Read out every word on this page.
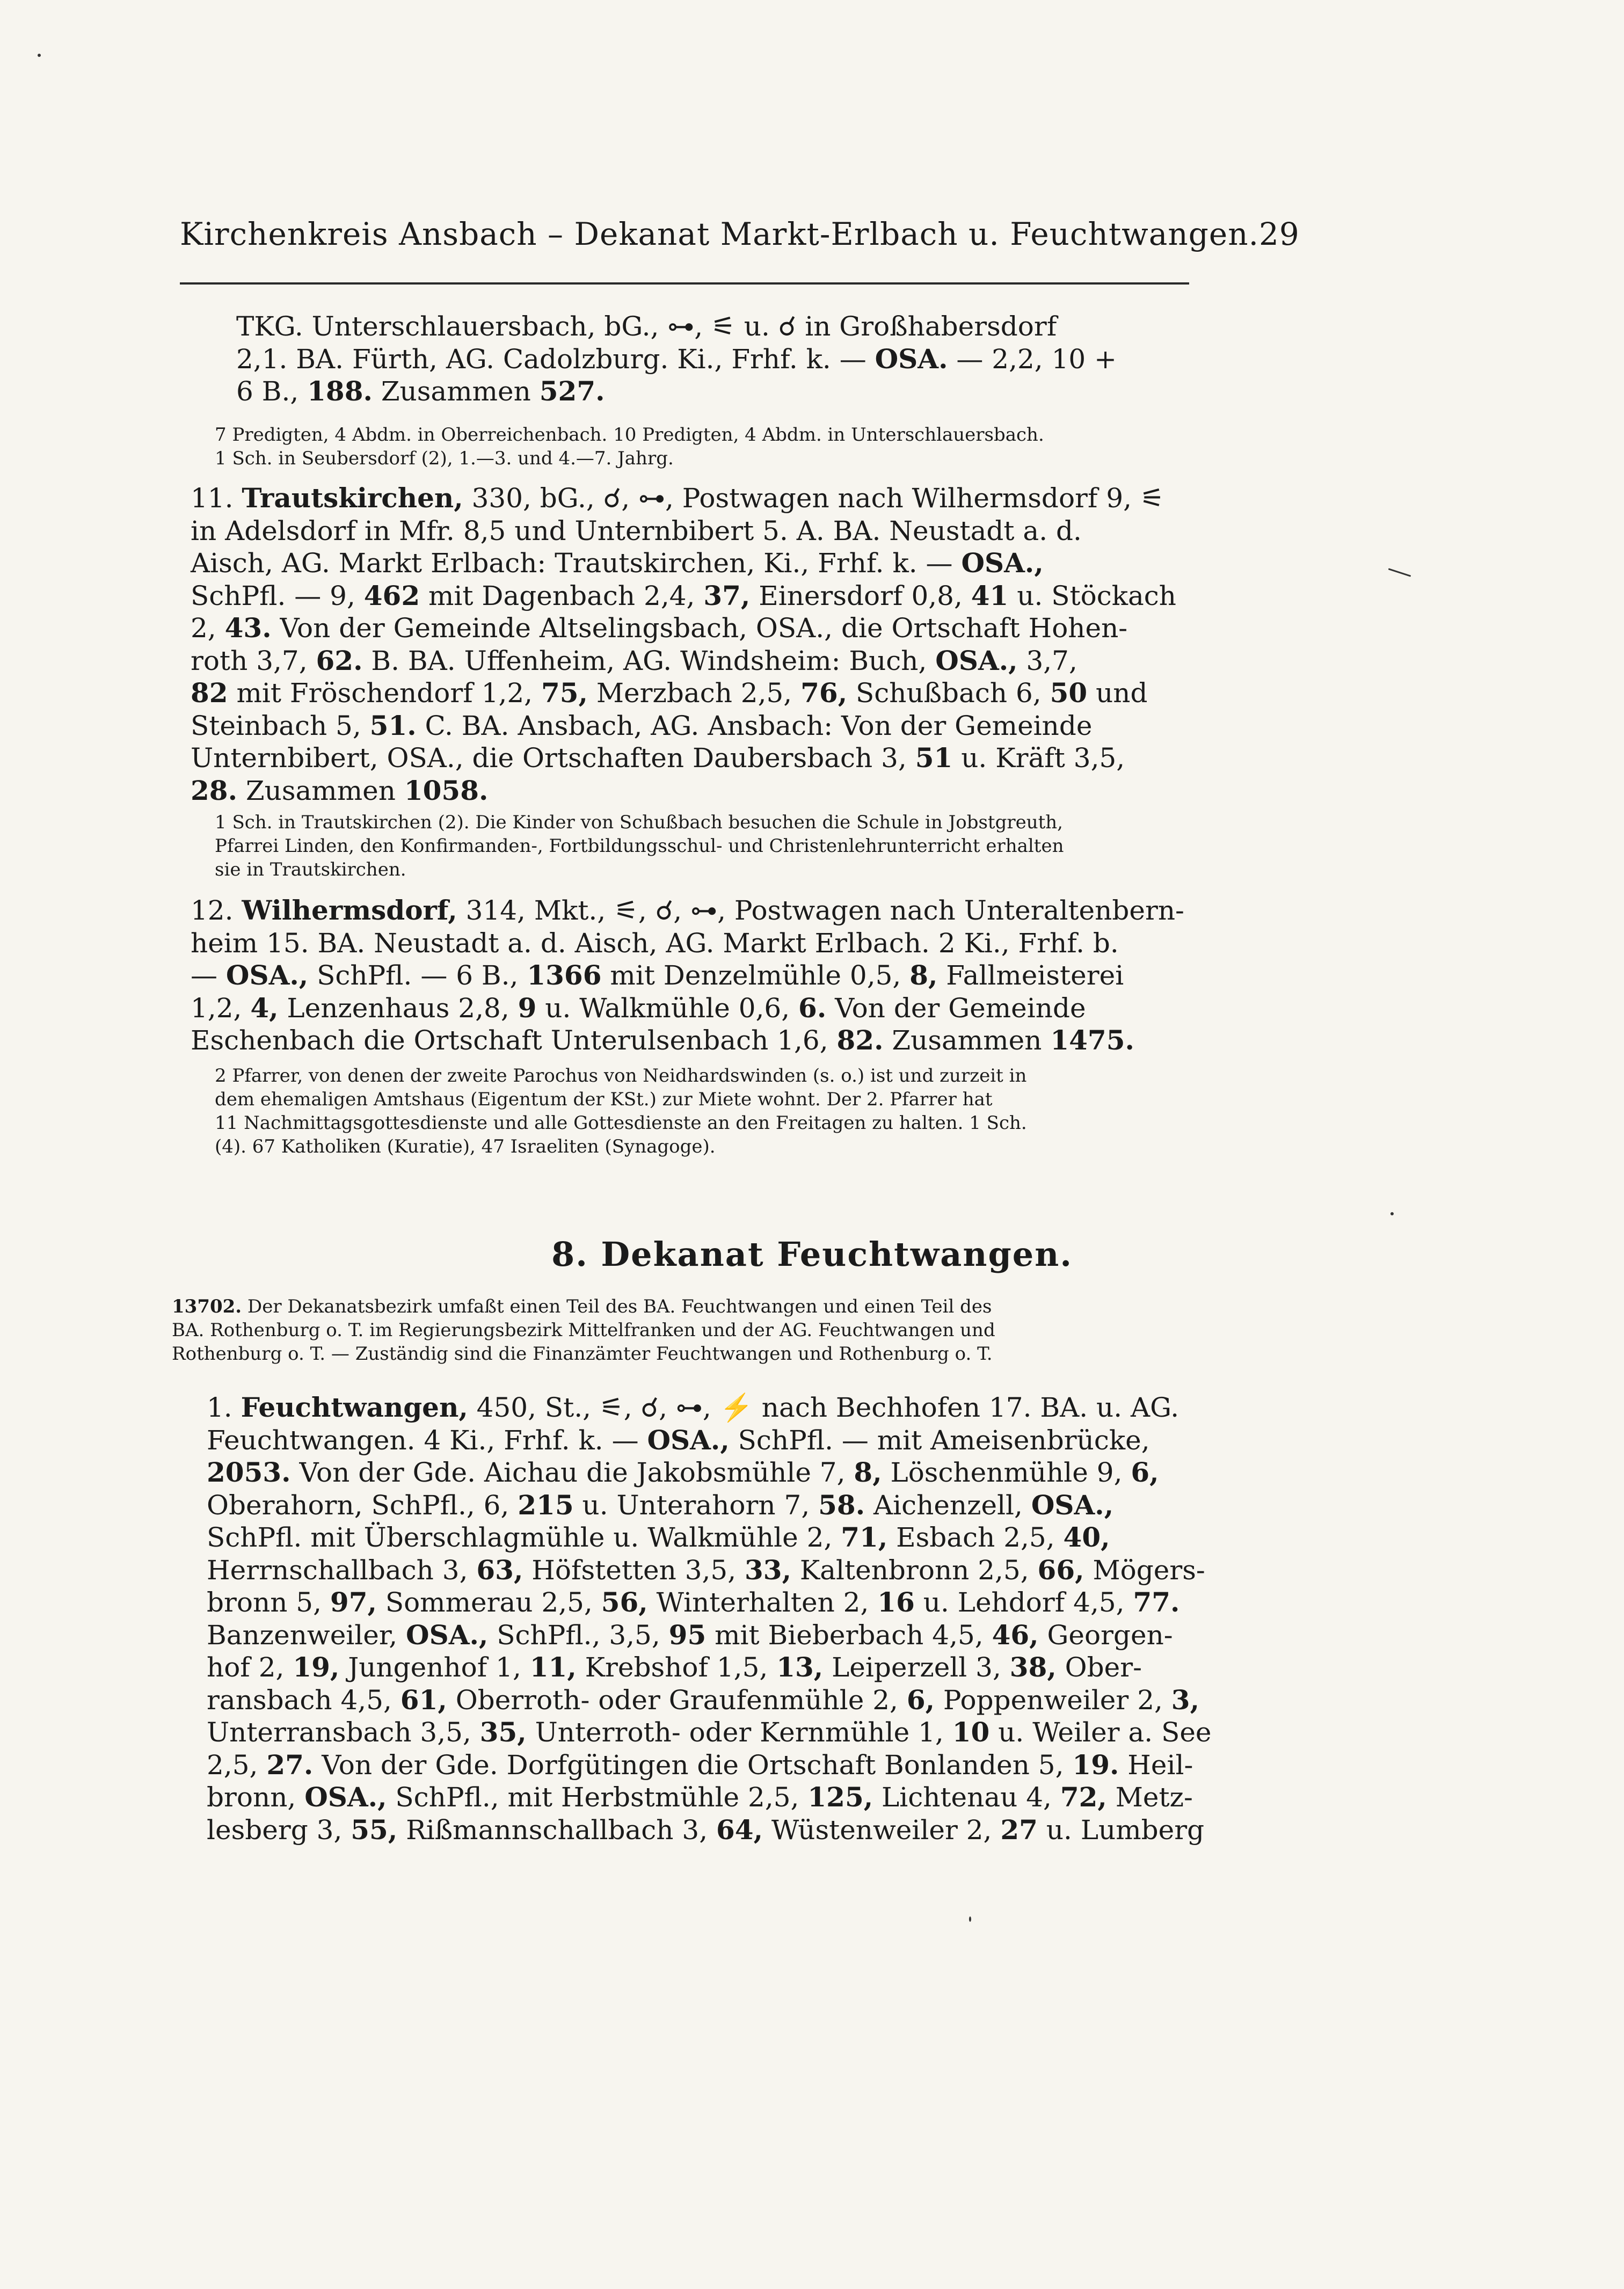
Kirchenkreis Ansbach – Dekanat Markt-Erlbach u. Feuchtwangen. 29
TKG. Unterschlauersbach, bG., ⊶, ⚟ u. ☌ in Großhabersdorf
2,1. BA. Fürth, AG. Cadolzburg. Ki., Frhf. k. — OSA. — 2,2, 10 +
6 B., 188. Zusammen 527.
7 Predigten, 4 Abdm. in Oberreichenbach. 10 Predigten, 4 Abdm. in Unterschlauersbach.
1 Sch. in Seubersdorf (2), 1.—3. und 4.—7. Jahrg.
11. Trautskirchen, 330, bG., ☌, ⊶, Postwagen nach Wilhermsdorf 9, ⚟
in Adelsdorf in Mfr. 8,5 und Unternbibert 5. A. BA. Neustadt a. d.
Aisch, AG. Markt Erlbach: Trautskirchen, Ki., Frhf. k. — OSA.,
SchPfl. — 9, 462 mit Dagenbach 2,4, 37, Einersdorf 0,8, 41 u. Stöckach
2, 43. Von der Gemeinde Altselingsbach, OSA., die Ortschaft Hohen-
roth 3,7, 62. B. BA. Uffenheim, AG. Windsheim: Buch, OSA., 3,7,
82 mit Fröschendorf 1,2, 75, Merzbach 2,5, 76, Schußbach 6, 50 und
Steinbach 5, 51. C. BA. Ansbach, AG. Ansbach: Von der Gemeinde
Unternbibert, OSA., die Ortschaften Daubersbach 3, 51 u. Kräft 3,5,
28. Zusammen 1058.
1 Sch. in Trautskirchen (2). Die Kinder von Schußbach besuchen die Schule in Jobstgreuth,
Pfarrei Linden, den Konfirmanden-, Fortbildungsschul- und Christenlehrunterricht erhalten
sie in Trautskirchen.
12. Wilhermsdorf, 314, Mkt., ⚟, ☌, ⊶, Postwagen nach Unteraltenbern-
heim 15. BA. Neustadt a. d. Aisch, AG. Markt Erlbach. 2 Ki., Frhf. b.
— OSA., SchPfl. — 6 B., 1366 mit Denzelmühle 0,5, 8, Fallmeisterei
1,2, 4, Lenzenhaus 2,8, 9 u. Walkmühle 0,6, 6. Von der Gemeinde
Eschenbach die Ortschaft Unterulsenbach 1,6, 82. Zusammen 1475.
2 Pfarrer, von denen der zweite Parochus von Neidhardswinden (s. o.) ist und zurzeit in
dem ehemaligen Amtshaus (Eigentum der KSt.) zur Miete wohnt. Der 2. Pfarrer hat
11 Nachmittagsgottesdienste und alle Gottesdienste an den Freitagen zu halten. 1 Sch.
(4). 67 Katholiken (Kuratie), 47 Israeliten (Synagoge).
8. Dekanat Feuchtwangen.
13702. Der Dekanatsbezirk umfaßt einen Teil des BA. Feuchtwangen und einen Teil des
BA. Rothenburg o. T. im Regierungsbezirk Mittelfranken und der AG. Feuchtwangen und
Rothenburg o. T. — Zuständig sind die Finanzämter Feuchtwangen und Rothenburg o. T.
1. Feuchtwangen, 450, St., ⚟, ☌, ⊶, ⚡ nach Bechhofen 17. BA. u. AG.
Feuchtwangen. 4 Ki., Frhf. k. — OSA., SchPfl. — mit Ameisenbrücke,
2053. Von der Gde. Aichau die Jakobsmühle 7, 8, Löschenmühle 9, 6,
Oberahorn, SchPfl., 6, 215 u. Unterahorn 7, 58. Aichenzell, OSA.,
SchPfl. mit Überschlagmühle u. Walkmühle 2, 71, Esbach 2,5, 40,
Herrnschallbach 3, 63, Höfstetten 3,5, 33, Kaltenbronn 2,5, 66, Mögers-
bronn 5, 97, Sommerau 2,5, 56, Winterhalten 2, 16 u. Lehdorf 4,5, 77.
Banzenweiler, OSA., SchPfl., 3,5, 95 mit Bieberbach 4,5, 46, Georgen-
hof 2, 19, Jungenhof 1, 11, Krebshof 1,5, 13, Leiperzell 3, 38, Ober-
ransbach 4,5, 61, Oberroth- oder Graufenmühle 2, 6, Poppenweiler 2, 3,
Unterransbach 3,5, 35, Unterroth- oder Kernmühle 1, 10 u. Weiler a. See
2,5, 27. Von der Gde. Dorfgütingen die Ortschaft Bonlanden 5, 19. Heil-
bronn, OSA., SchPfl., mit Herbstmühle 2,5, 125, Lichtenau 4, 72, Metz-
lesberg 3, 55, Rißmannschallbach 3, 64, Wüstenweiler 2, 27 u. Lumberg
